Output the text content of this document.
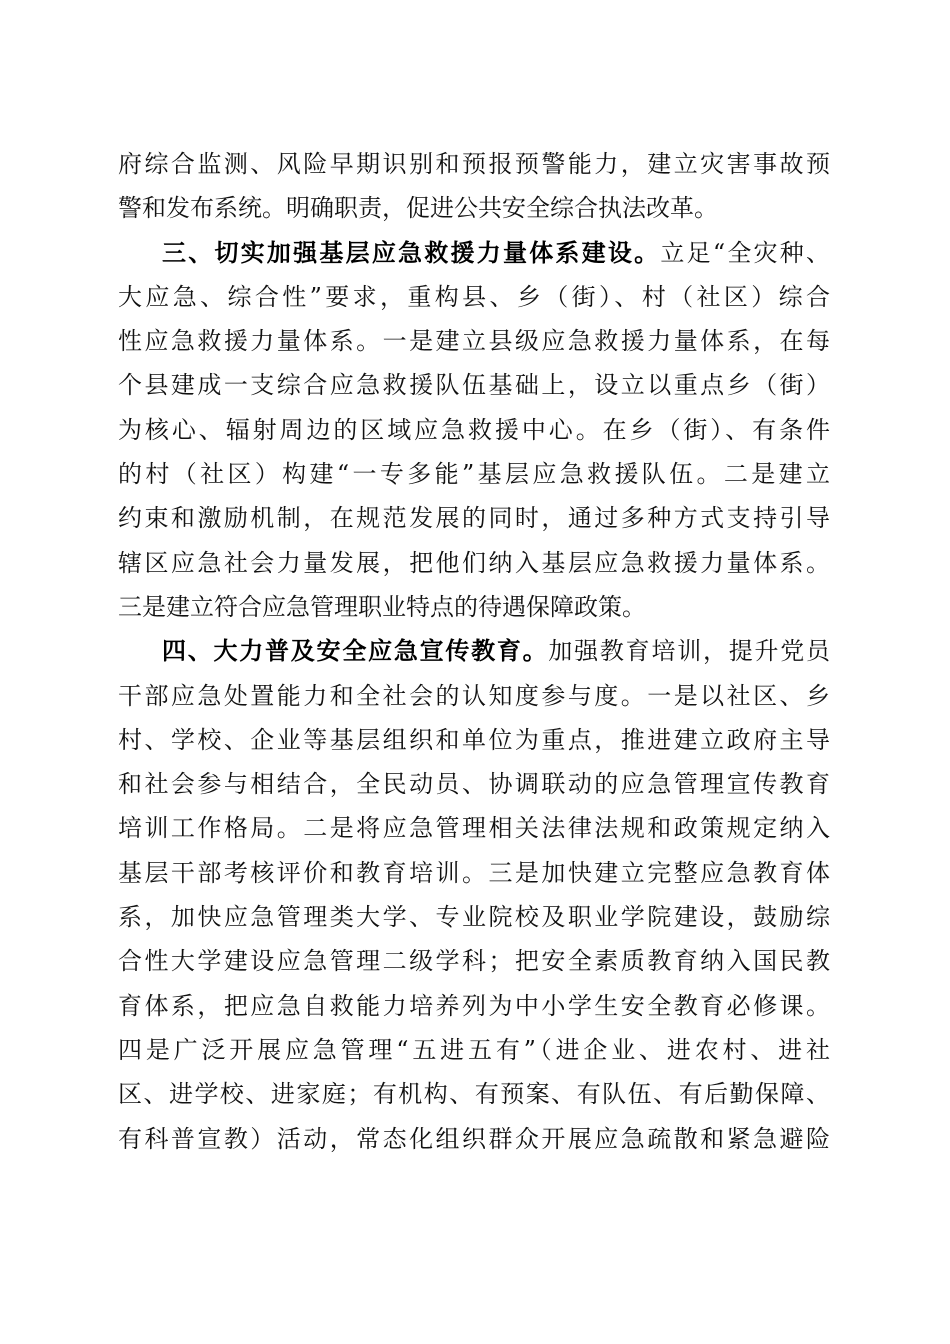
府综合监测、风险早期识别和预报预警能力，建立灾害事故预
警和发布系统。明确职责，促进公共安全综合执法改革。
三、切实加强基层应急救援力量体系建设。立足“全灾种、
大应急、综合性”要求，重构县、乡（街）、村（社区）综合
性应急救援力量体系。一是建立县级应急救援力量体系，在每
个县建成一支综合应急救援队伍基础上，设立以重点乡（街）
为核心、辐射周边的区域应急救援中心。在乡（街）、有条件
的村（社区）构建“一专多能”基层应急救援队伍。二是建立
约束和激励机制，在规范发展的同时，通过多种方式支持引导
辖区应急社会力量发展，把他们纳入基层应急救援力量体系。
三是建立符合应急管理职业特点的待遇保障政策。
四、大力普及安全应急宣传教育。加强教育培训，提升党员
干部应急处置能力和全社会的认知度参与度。一是以社区、乡
村、学校、企业等基层组织和单位为重点，推进建立政府主导
和社会参与相结合，全民动员、协调联动的应急管理宣传教育
培训工作格局。二是将应急管理相关法律法规和政策规定纳入
基层干部考核评价和教育培训。三是加快建立完整应急教育体
系，加快应急管理类大学、专业院校及职业学院建设，鼓励综
合性大学建设应急管理二级学科；把安全素质教育纳入国民教
育体系，把应急自救能力培养列为中小学生安全教育必修课。
四是广泛开展应急管理“五进五有”（进企业、进农村、进社
区、进学校、进家庭；有机构、有预案、有队伍、有后勤保障、
有科普宣教）活动，常态化组织群众开展应急疏散和紧急避险
